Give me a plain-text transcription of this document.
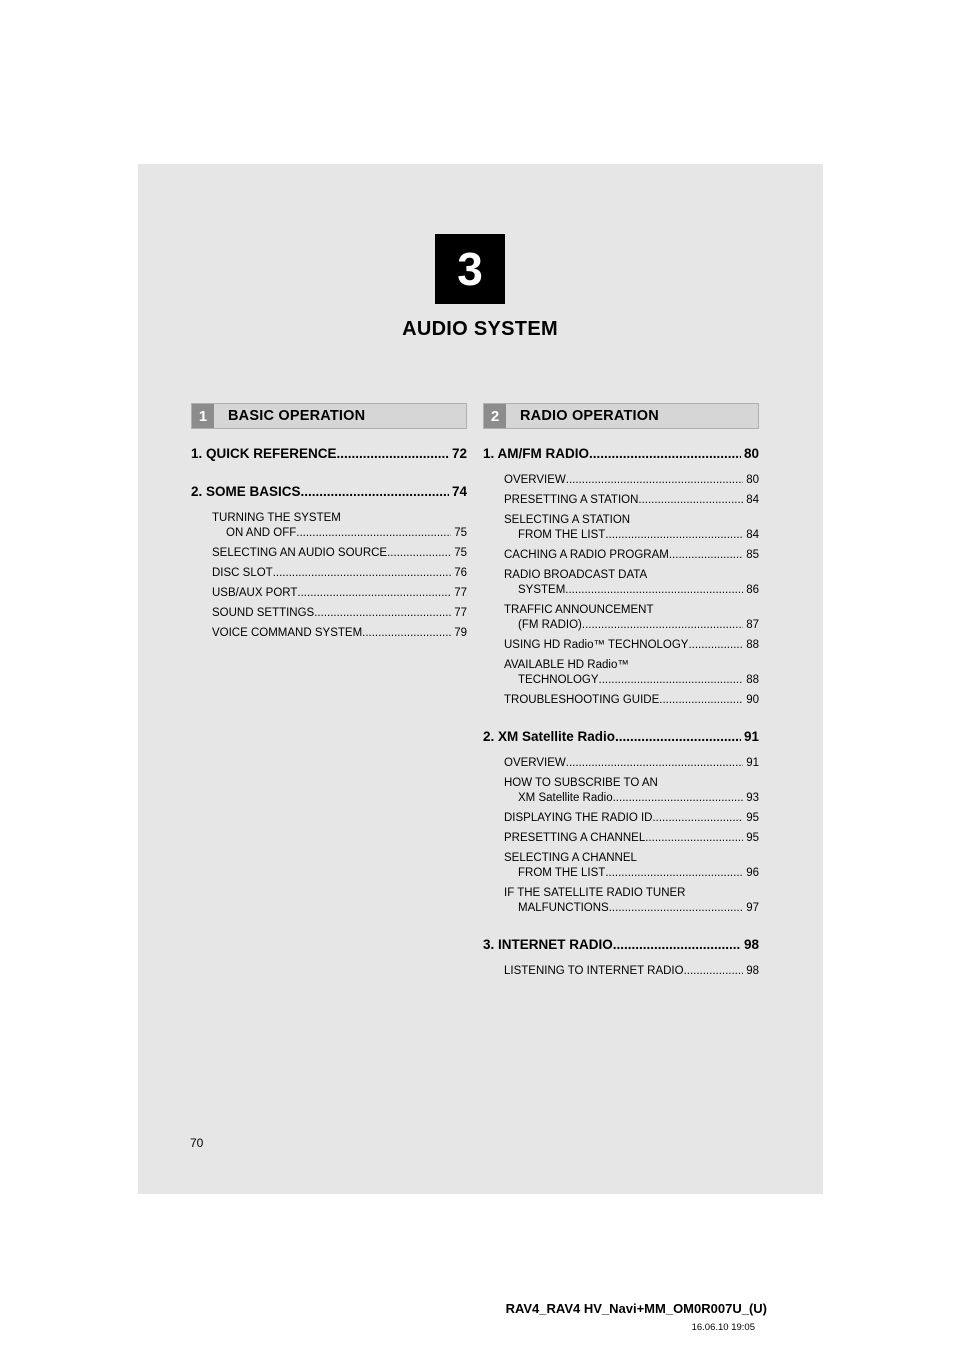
3
AUDIO SYSTEM
1	BASIC OPERATION
1. QUICK REFERENCE .....	72
2. SOME BASICS .....	74
TURNING THE SYSTEM
ON AND OFF .....	75
SELECTING AN AUDIO SOURCE .....	75
DISC SLOT .....	76
USB/AUX PORT .....	77
SOUND SETTINGS .....	77
VOICE COMMAND SYSTEM .....	79
2	RADIO OPERATION
1. AM/FM RADIO .....	80
OVERVIEW .....	80
PRESETTING A STATION .....	84
SELECTING A STATION
FROM THE LIST .....	84
CACHING A RADIO PROGRAM .....	85
RADIO BROADCAST DATA
SYSTEM .....	86
TRAFFIC ANNOUNCEMENT
(FM RADIO) .....	87
USING HD Radio™ TECHNOLOGY .....	88
AVAILABLE HD Radio™
TECHNOLOGY .....	88
TROUBLESHOOTING GUIDE .....	90
2. XM Satellite Radio .....	91
OVERVIEW .....	91
HOW TO SUBSCRIBE TO AN
XM Satellite Radio .....	93
DISPLAYING THE RADIO ID .....	95
PRESETTING A CHANNEL .....	95
SELECTING A CHANNEL
FROM THE LIST .....	96
IF THE SATELLITE RADIO TUNER
MALFUNCTIONS .....	97
3. INTERNET RADIO .....	98
LISTENING TO INTERNET RADIO .....	98
70
RAV4_RAV4 HV_Navi+MM_OM0R007U_(U)
16.06.10 19:05
